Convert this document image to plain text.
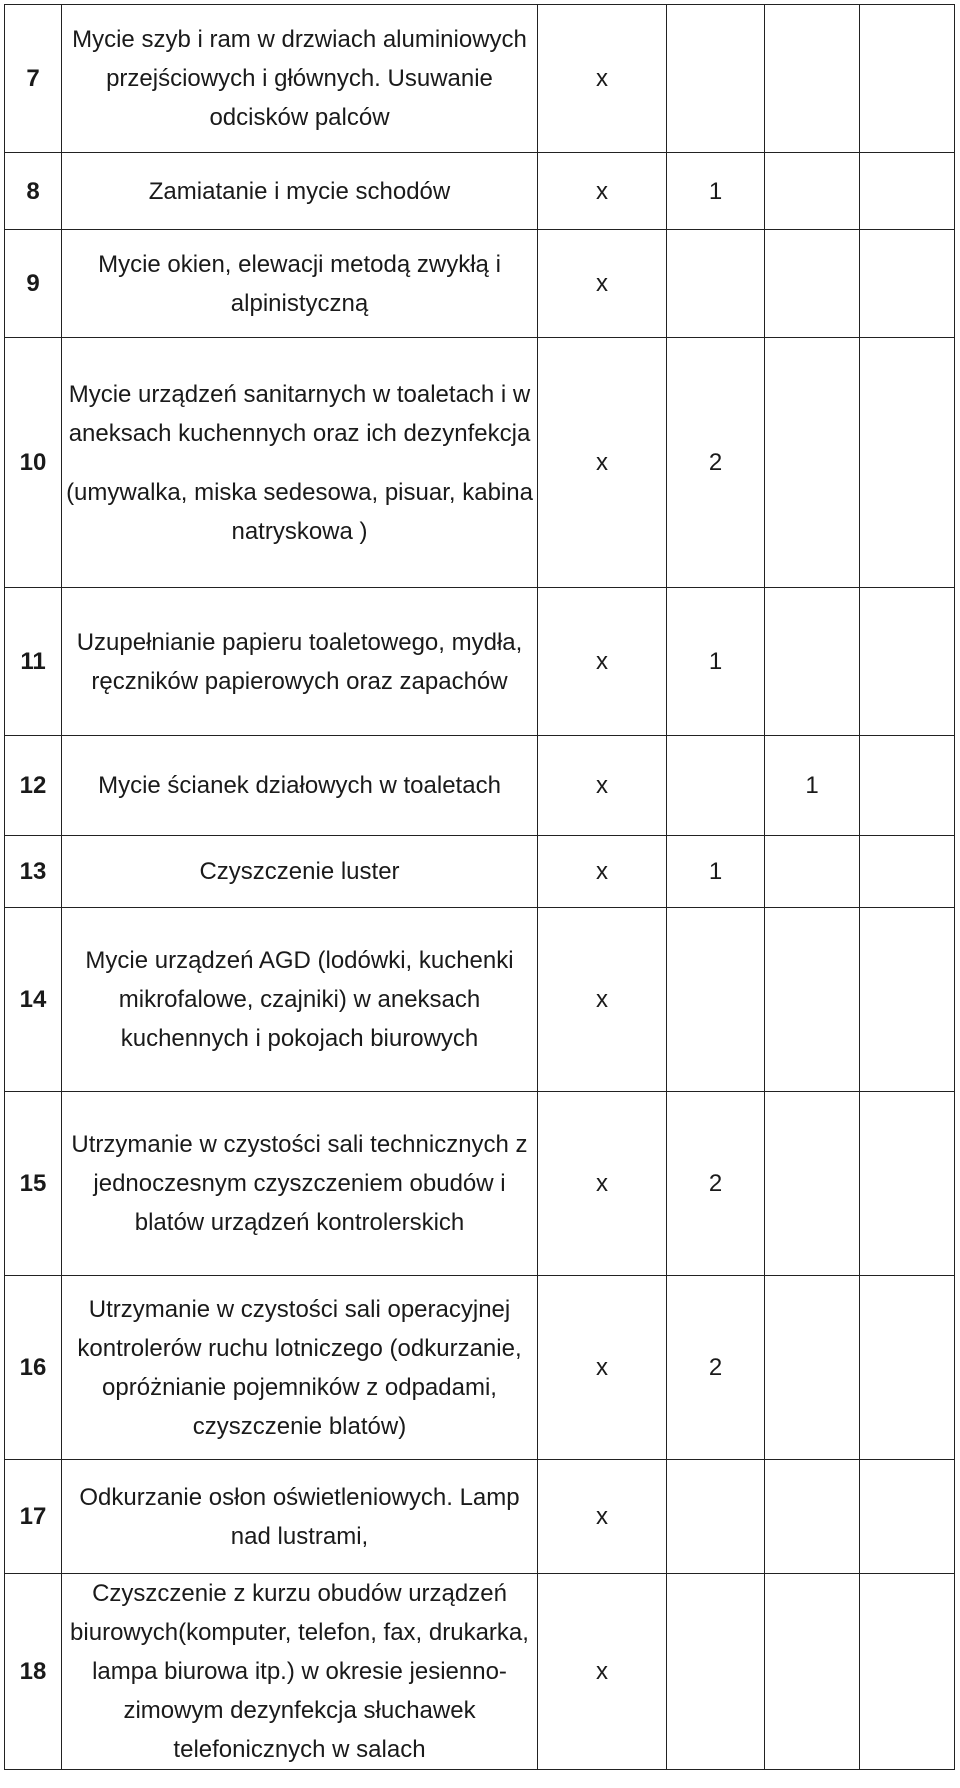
7	Mycie szyb i ram w drzwiach aluminiowych przejściowych i głównych. Usuwanie odcisków palców	x			
8	Zamiatanie i mycie schodów	x	1		
9	Mycie okien, elewacji metodą zwykłą i alpinistyczną	x			
10	Mycie urządzeń sanitarnych w toaletach i w aneksach kuchennych oraz ich dezynfekcja
(umywalka, miska sedesowa, pisuar, kabina natryskowa )	x	2		
11	Uzupełnianie papieru toaletowego, mydła, ręczników papierowych oraz zapachów	x	1		
12	Mycie ścianek działowych w toaletach	x		1	
13	Czyszczenie luster	x	1		
14	Mycie urządzeń AGD (lodówki, kuchenki mikrofalowe, czajniki) w aneksach kuchennych i pokojach biurowych	x			
15	Utrzymanie w czystości sali technicznych z jednoczesnym czyszczeniem obudów i blatów urządzeń kontrolerskich	x	2		
16	Utrzymanie w czystości sali operacyjnej kontrolerów ruchu lotniczego (odkurzanie, opróżnianie pojemników z odpadami, czyszczenie blatów)	x	2		
17	Odkurzanie osłon oświetleniowych. Lamp nad lustrami,	x			
18	Czyszczenie z kurzu obudów urządzeń biurowych(komputer, telefon, fax, drukarka, lampa biurowa itp.) w okresie jesienno-zimowym dezynfekcja słuchawek telefonicznych w salach	x			
